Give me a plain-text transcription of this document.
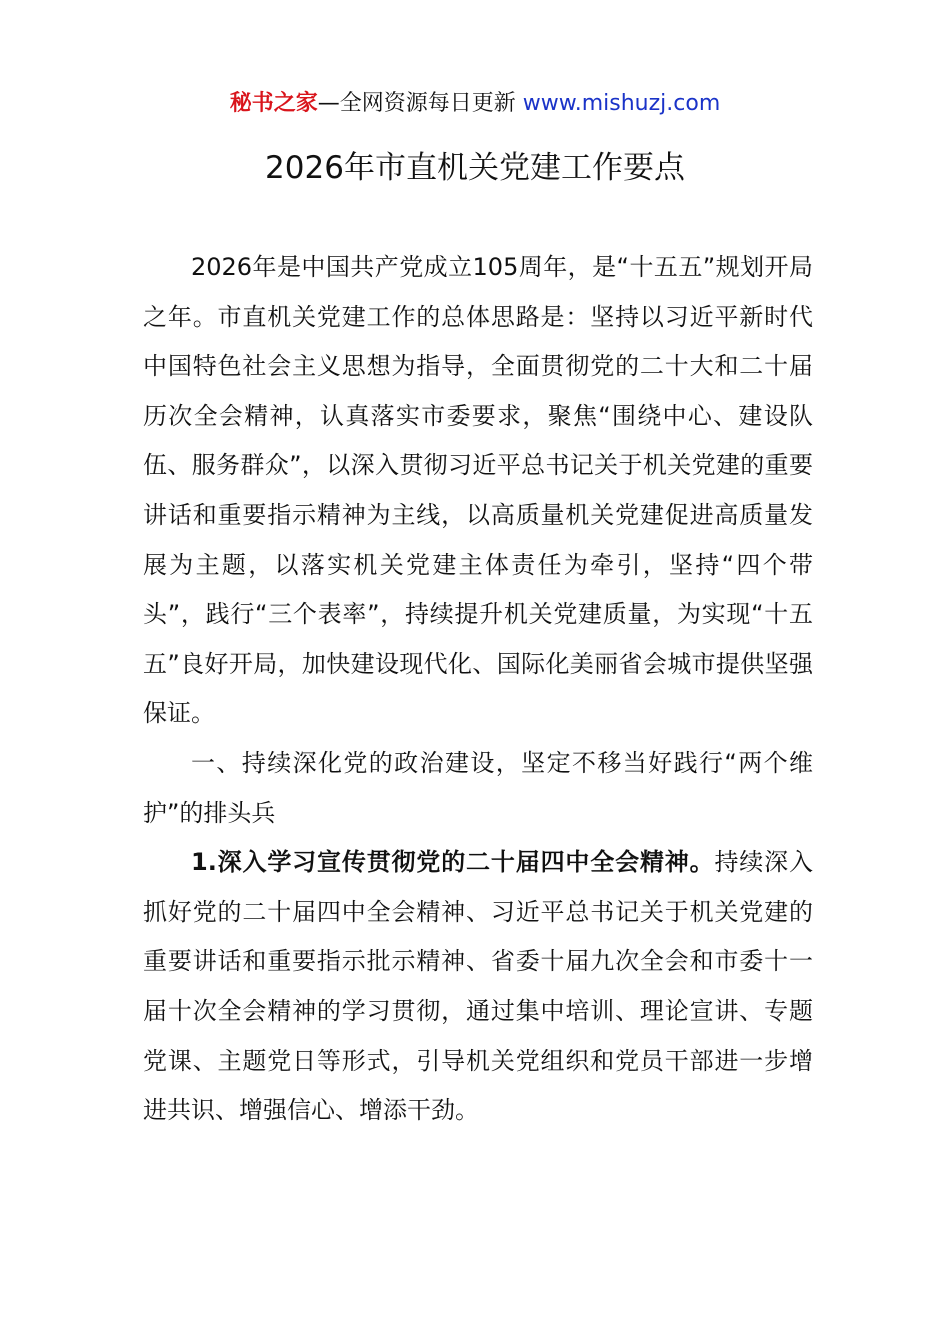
秘书之家—全网资源每日更新 www.mishuzj.com
2026年市直机关党建工作要点

2026年是中国共产党成立105周年，是“十五五”规划开局之年。市直机关党建工作的总体思路是：坚持以习近平新时代中国特色社会主义思想为指导，全面贯彻党的二十大和二十届历次全会精神，认真落实市委要求，聚焦“围绕中心、建设队伍、服务群众”，以深入贯彻习近平总书记关于机关党建的重要讲话和重要指示精神为主线，以高质量机关党建促进高质量发展为主题，以落实机关党建主体责任为牵引，坚持“四个带头”，践行“三个表率”，持续提升机关党建质量，为实现“十五五”良好开局，加快建设现代化、国际化美丽省会城市提供坚强保证。

一、持续深化党的政治建设，坚定不移当好践行“两个维护”的排头兵

1.深入学习宣传贯彻党的二十届四中全会精神。持续深入抓好党的二十届四中全会精神、习近平总书记关于机关党建的重要讲话和重要指示批示精神、省委十届九次全会和市委十一届十次全会精神的学习贯彻，通过集中培训、理论宣讲、专题党课、主题党日等形式，引导机关党组织和党员干部进一步增进共识、增强信心、增添干劲。
